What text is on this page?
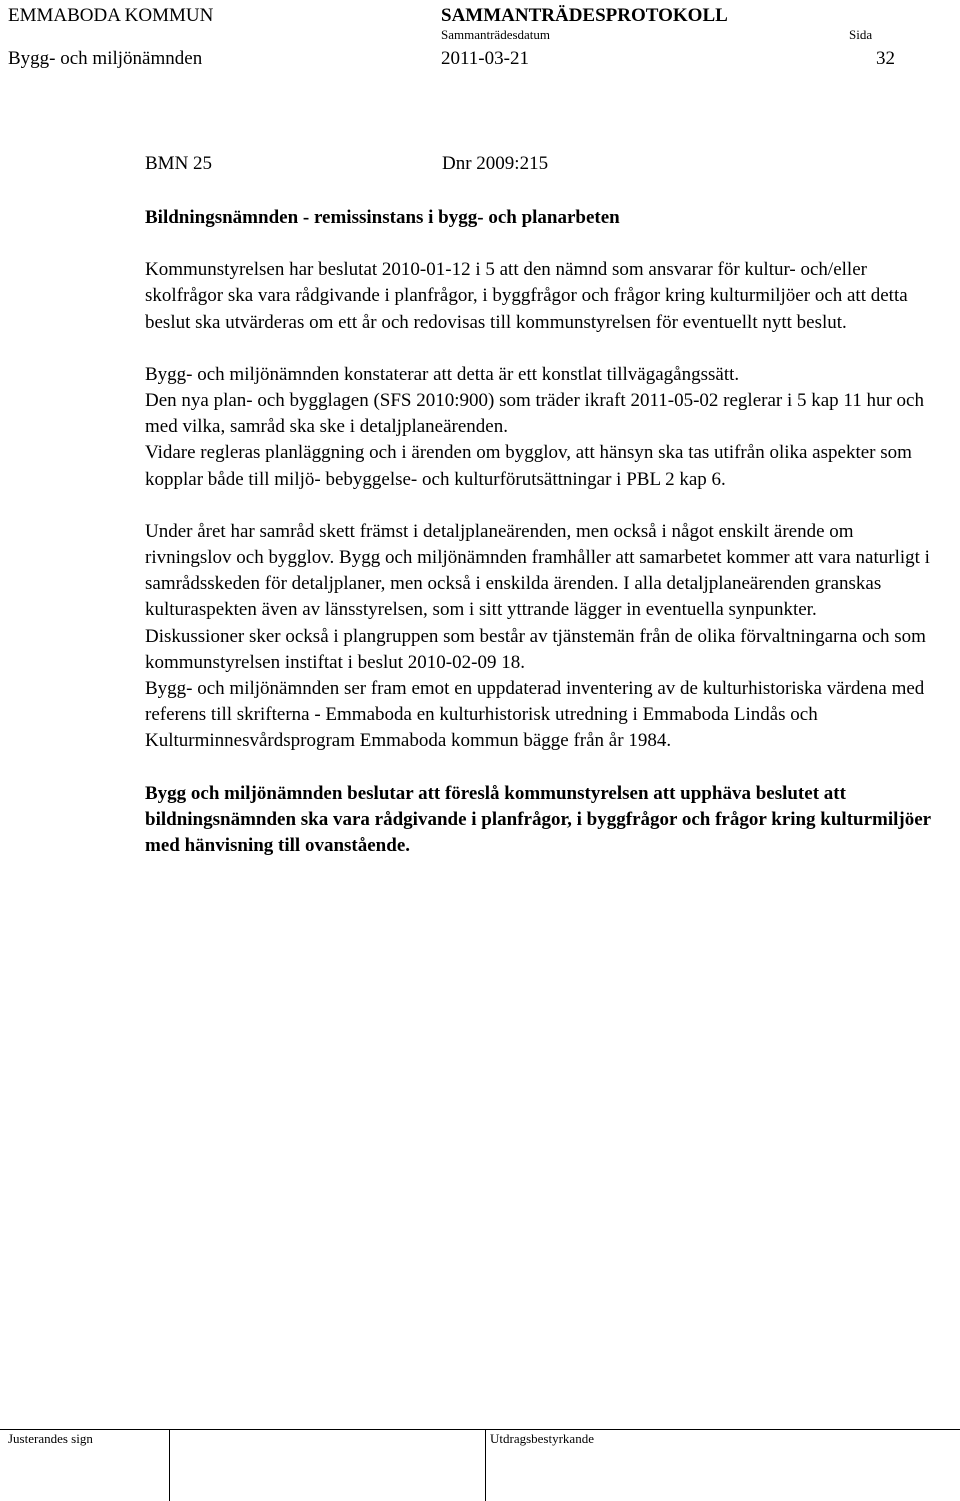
EMMABODA KOMMUN	SAMMANTRÄDESPROTOKOLL
Sammanträdesdatum	Sida
Bygg- och miljönämnden	2011-03-21	32
BMN 25	Dnr 2009:215

Bildningsnämnden - remissinstans i bygg- och planarbeten

Kommunstyrelsen har beslutat 2010-01-12 i 5 att den nämnd som ansvarar för kultur- och/eller skolfrågor ska vara rådgivande i planfrågor, i byggfrågor och frågor kring kulturmiljöer och att detta beslut ska utvärderas om ett år och redovisas till kommunstyrelsen för eventuellt nytt beslut.

Bygg- och miljönämnden konstaterar att detta är ett konstlat tillvägagångssätt.

Den nya plan- och bygglagen (SFS 2010:900) som träder ikraft 2011-05-02 reglerar i 5 kap 11 hur och med vilka, samråd ska ske i detaljplaneärenden.

Vidare regleras planläggning och i ärenden om bygglov, att hänsyn ska tas utifrån olika aspekter som kopplar både till miljö- bebyggelse- och kulturförutsättningar i PBL 2 kap 6.

Under året har samråd skett främst i detaljplaneärenden, men också i något enskilt ärende om rivningslov och bygglov. Bygg och miljönämnden framhåller att samarbetet kommer att vara naturligt i samrådsskeden för detaljplaner, men också i enskilda ärenden. I alla detaljplaneärenden granskas kulturaspekten även av länsstyrelsen, som i sitt yttrande lägger in eventuella synpunkter.

Diskussioner sker också i plangruppen som består av tjänstemän från de olika förvaltningarna och som kommunstyrelsen instiftat i beslut 2010-02-09 18.

Bygg- och miljönämnden ser fram emot en uppdaterad inventering av de kulturhistoriska värdena med referens till skrifterna - Emmaboda en kulturhistorisk utredning i Emmaboda Lindås och Kulturminnesvårdsprogram Emmaboda kommun bägge från år 1984.

Bygg och miljönämnden beslutar att föreslå kommunstyrelsen att upphäva beslutet att bildningsnämnden ska vara rådgivande i planfrågor, i byggfrågor och frågor kring kulturmiljöer med hänvisning till ovanstående.

Justerandes sign	Utdragsbestyrkande
